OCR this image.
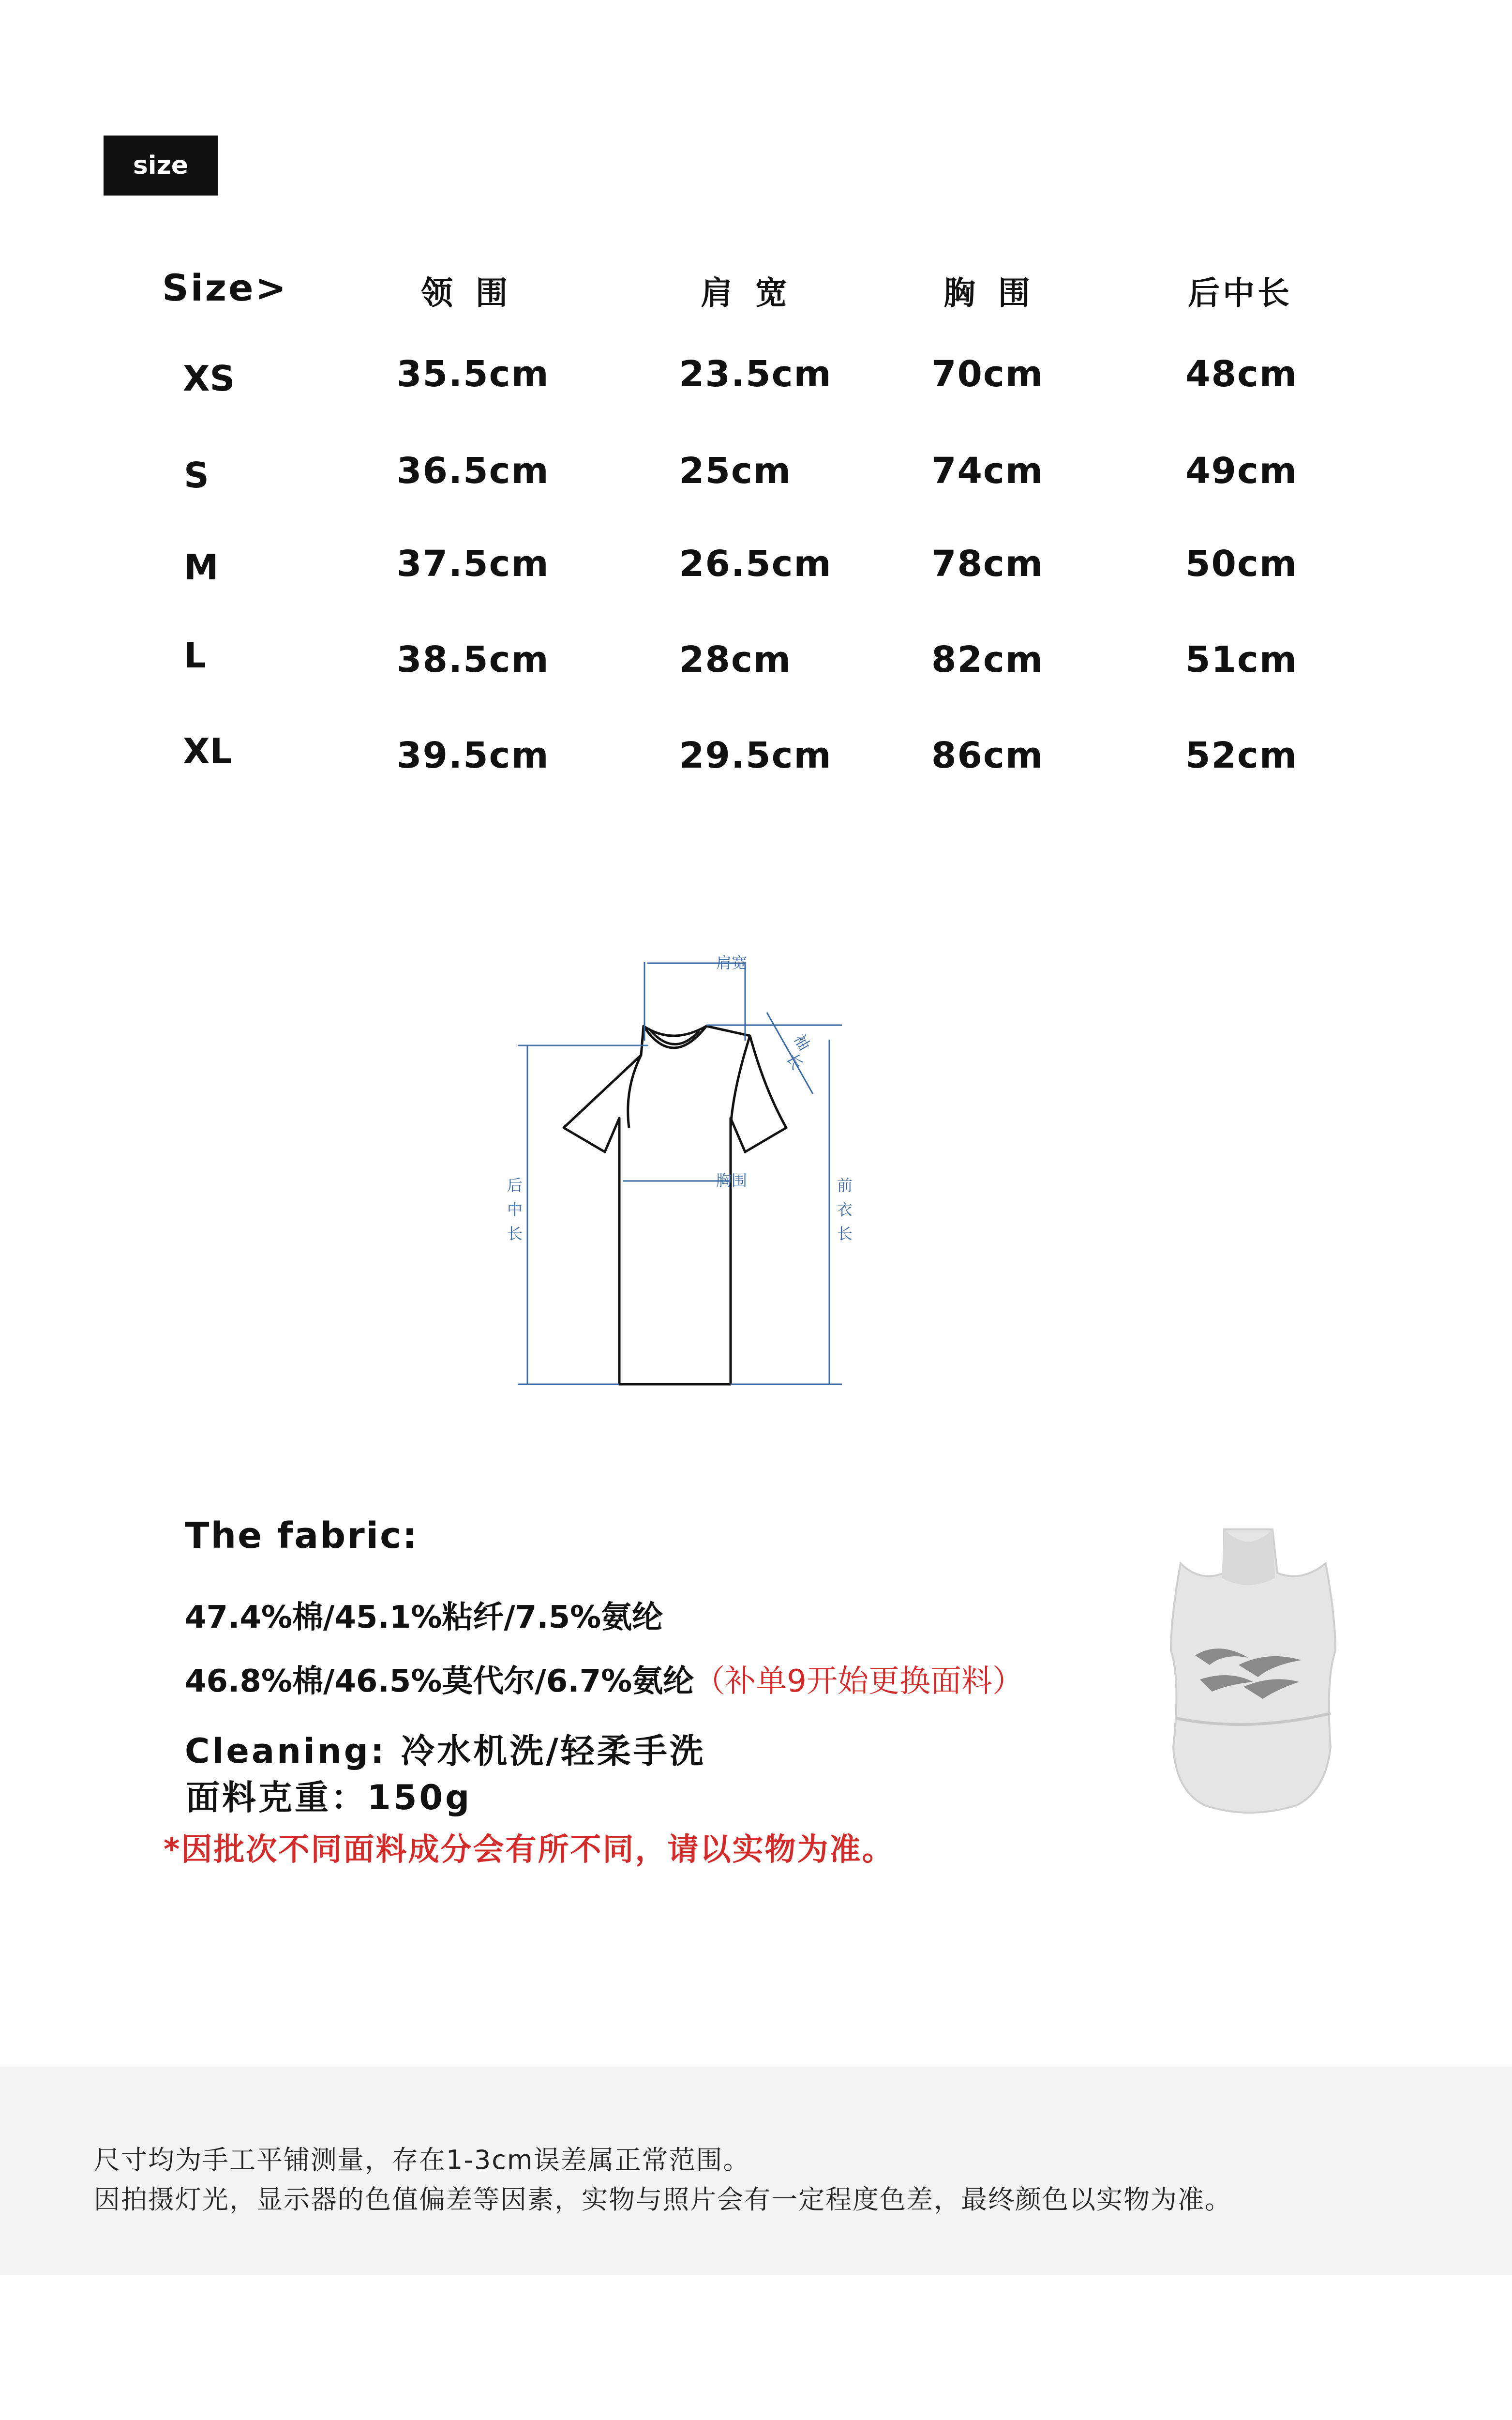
size
Size>	领 围	肩 宽	胸 围	后中长
XS	35.5cm	23.5cm	70cm	48cm
S	36.5cm	25cm	74cm	49cm
M	37.5cm	26.5cm	78cm	50cm
L	38.5cm	28cm	82cm	51cm
XL	39.5cm	29.5cm	86cm	52cm
肩宽
胸围
后
中
长
袖
长
前
衣
长
The fabric:
47.4%棉/45.1%粘纤/7.5%氨纶
46.8%棉/46.5%莫代尔/6.7%氨纶（补单9开始更换面料）
Cleaning: 冷水机洗/轻柔手洗
面料克重：150g
*因批次不同面料成分会有所不同，请以实物为准。
尺寸均为手工平铺测量，存在1-3cm误差属正常范围。
因拍摄灯光，显示器的色值偏差等因素，实物与照片会有一定程度色差，最终颜色以实物为准。
